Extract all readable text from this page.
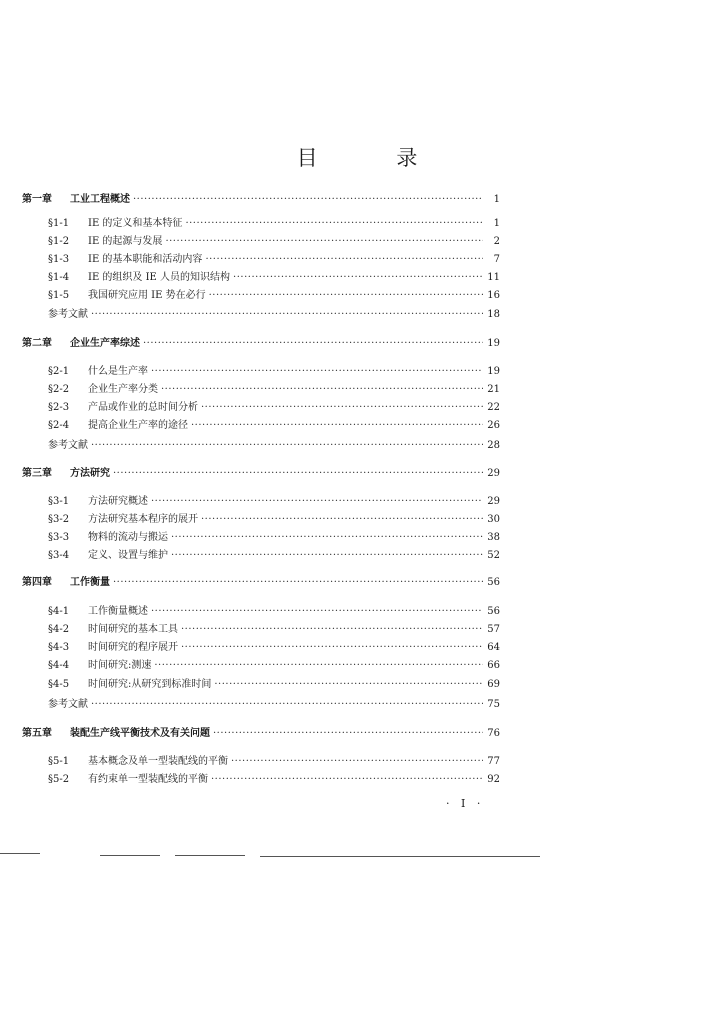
目 录
第一章	工业工程概述 ·····	1
§1-1	IE 的定义和基本特征 ·····	1
§1-2	IE 的起源与发展 ·····	2
§1-3	IE 的基本职能和活动内容 ·····	7
§1-4	IE 的组织及 IE 人员的知识结构 ·····	11
§1-5	我国研究应用 IE 势在必行 ·····	16
参考文献 ·····	18
第二章	企业生产率综述 ·····	19
§2-1	什么是生产率 ·····	19
§2-2	企业生产率分类 ·····	21
§2-3	产品或作业的总时间分析 ·····	22
§2-4	提高企业生产率的途径 ·····	26
参考文献 ·····	28
第三章	方法研究 ·····	29
§3-1	方法研究概述 ·····	29
§3-2	方法研究基本程序的展开 ·····	30
§3-3	物料的流动与搬运 ·····	38
§3-4	定义、设置与维护 ·····	52
第四章	工作衡量 ·····	56
§4-1	工作衡量概述 ·····	56
§4-2	时间研究的基本工具 ·····	57
§4-3	时间研究的程序展开 ·····	64
§4-4	时间研究:测速 ·····	66
§4-5	时间研究:从研究到标准时间 ·····	69
参考文献 ·····	75
第五章	装配生产线平衡技术及有关问题 ·····	76
§5-1	基本概念及单一型装配线的平衡 ·····	77
§5-2	有约束单一型装配线的平衡 ·····	92
· I ·
